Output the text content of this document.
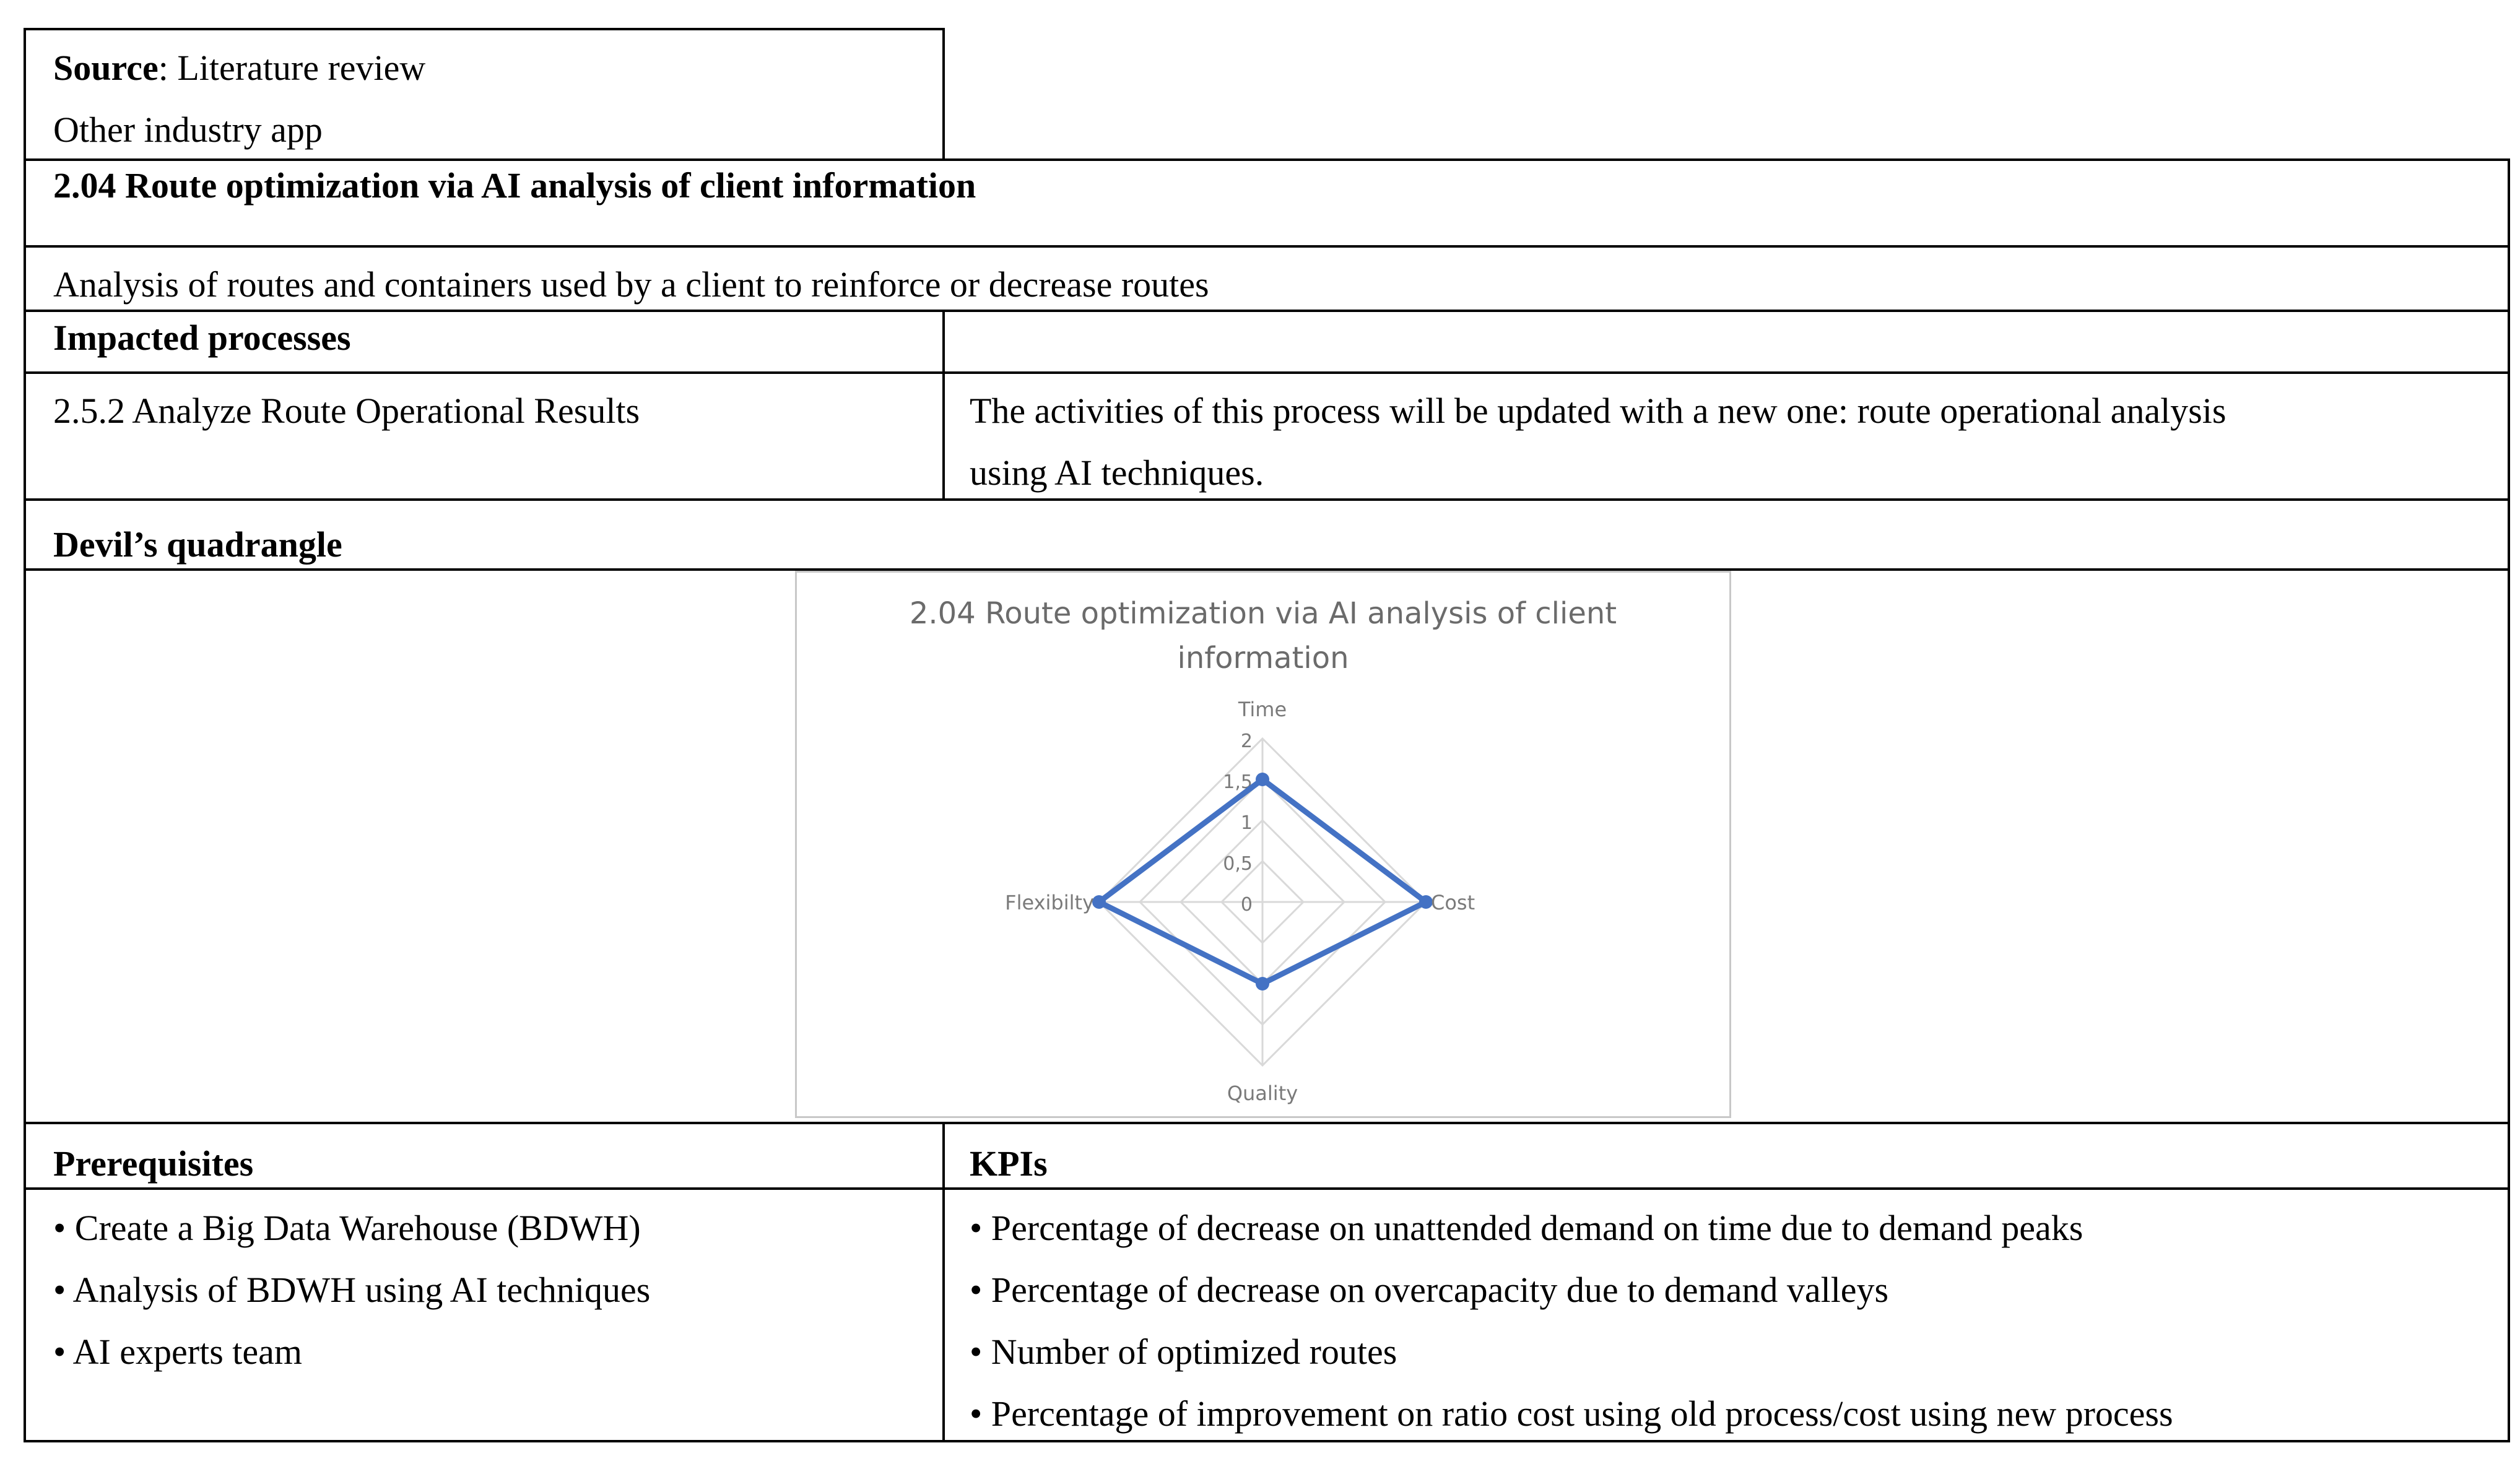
Source: Literature review
Other industry app
2.04 Route optimization via AI analysis of client information
Analysis of routes and containers used by a client to reinforce or decrease routes
Impacted processes
2.5.2 Analyze Route Operational Results	The activities of this process will be updated with a new one: route operational analysis
using AI techniques.
Devil’s quadrangle
2.04 Route optimization via AI analysis of client
information
0
0,5
1
1,5
2
Time
Cost
Quality
Flexibilty
Prerequisites	KPIs
• Create a Big Data Warehouse (BDWH)
• Analysis of BDWH using AI techniques
• AI experts team
• Percentage of decrease on unattended demand on time due to demand peaks
• Percentage of decrease on overcapacity due to demand valleys
• Number of optimized routes
• Percentage of improvement on ratio cost using old process/cost using new process
